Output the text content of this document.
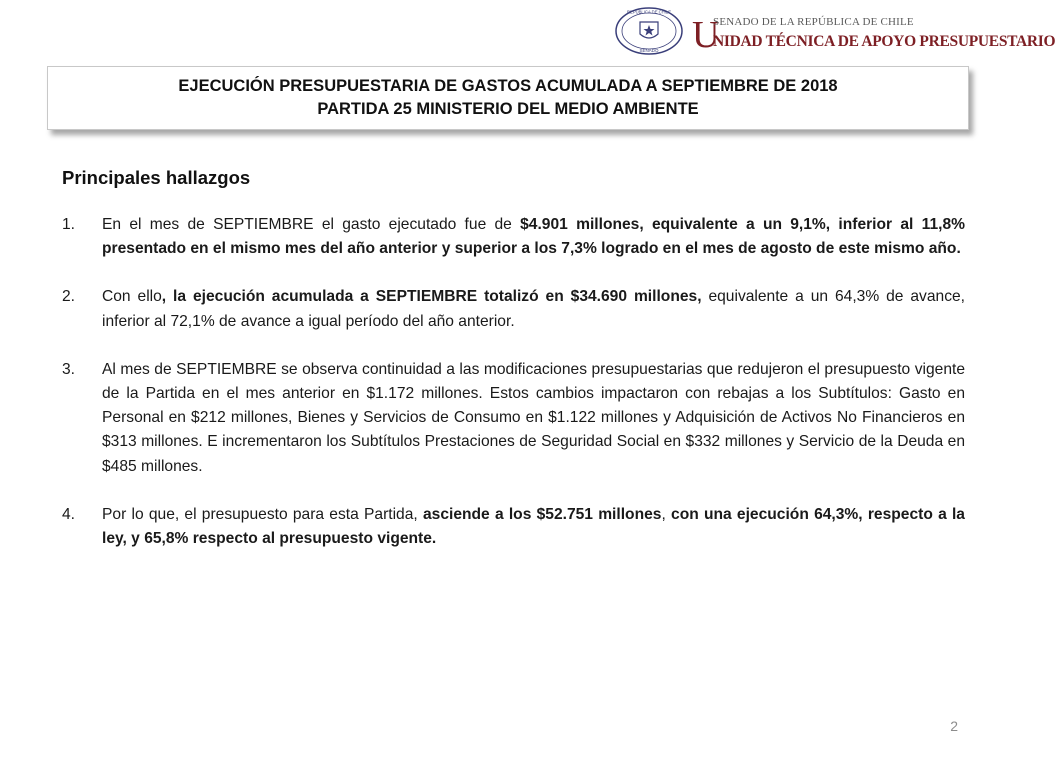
REPÚBLICA DE CHILE
SENADO U
SENADO DE LA REPÚBLICA DE CHILE
NIDAD TÉCNICA DE APOYO PRESUPUESTARIO
EJECUCIÓN PRESUPUESTARIA DE GASTOS ACUMULADA A SEPTIEMBRE DE 2018
PARTIDA 25 MINISTERIO DEL MEDIO AMBIENTE
Principales hallazgos
1. En el mes de SEPTIEMBRE el gasto ejecutado fue de $4.901 millones, equivalente a un 9,1%, inferior al 11,8% presentado en el mismo mes del año anterior y superior a los 7,3% logrado en el mes de agosto de este mismo año.
2. Con ello, la ejecución acumulada a SEPTIEMBRE totalizó en $34.690 millones, equivalente a un 64,3% de avance, inferior al 72,1% de avance a igual período del año anterior.
3. Al mes de SEPTIEMBRE se observa continuidad a las modificaciones presupuestarias que redujeron el presupuesto vigente de la Partida en el mes anterior en $1.172 millones. Estos cambios impactaron con rebajas a los Subtítulos: Gasto en Personal en $212 millones, Bienes y Servicios de Consumo en $1.122 millones y Adquisición de Activos No Financieros en $313 millones. E incrementaron los Subtítulos Prestaciones de Seguridad Social en $332 millones y Servicio de la Deuda en $485 millones.
4. Por lo que, el presupuesto para esta Partida, asciende a los $52.751 millones, con una ejecución 64,3%, respecto a la ley, y 65,8% respecto al presupuesto vigente.
2
